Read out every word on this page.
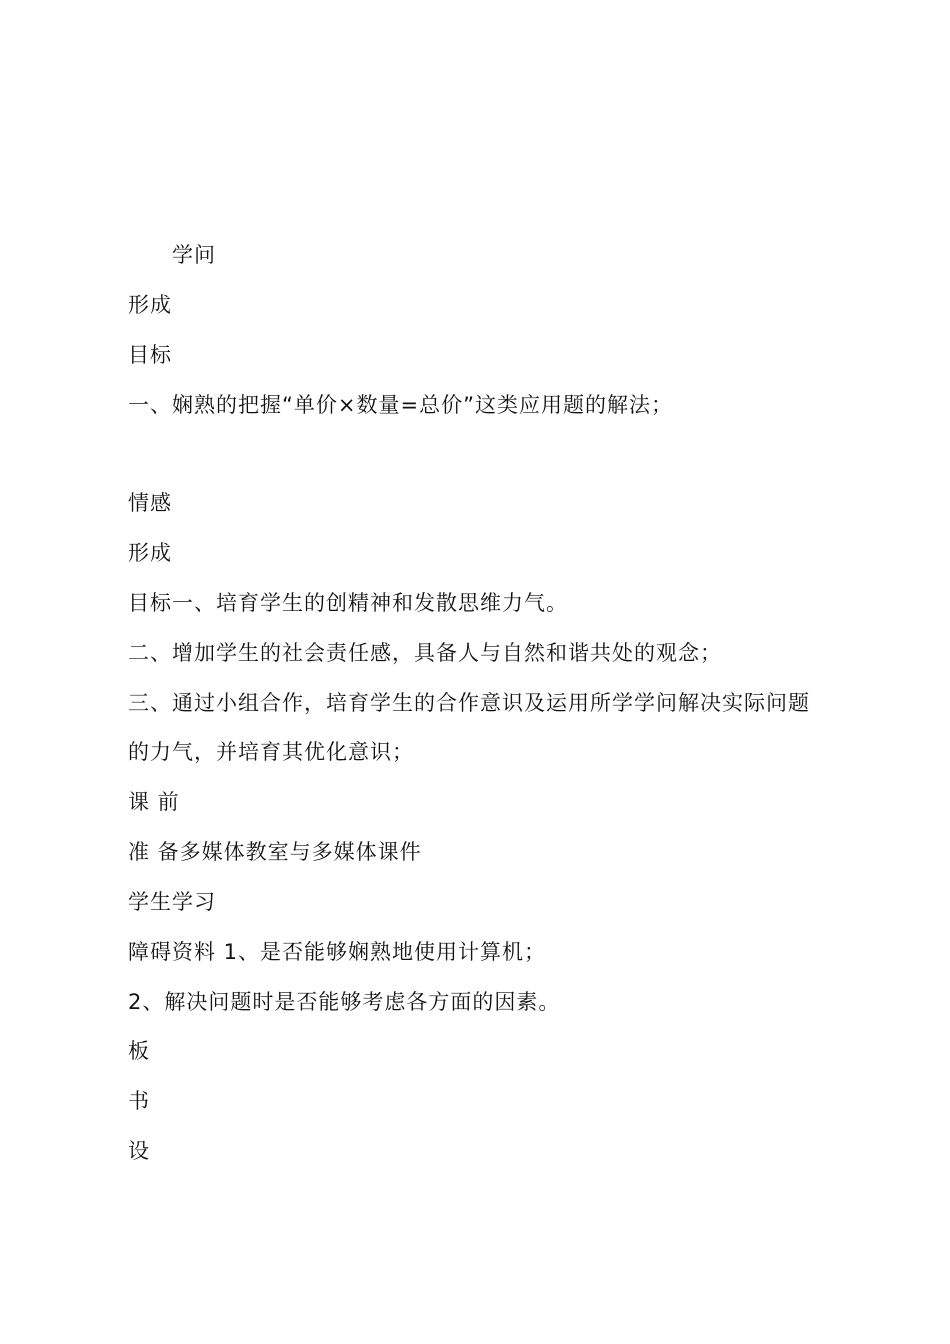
学问
形成
目标
一、娴熟的把握“单价×数量=总价”这类应用题的解法；
情感
形成
目标一、培育学生的创精神和发散思维力气。
二、增加学生的社会责任感，具备人与自然和谐共处的观念；
三、通过小组合作，培育学生的合作意识及运用所学学问解决实际问题
的力气，并培育其优化意识；
课 前
准 备多媒体教室与多媒体课件
学生学习
障碍资料 1、是否能够娴熟地使用计算机；
2、解决问题时是否能够考虑各方面的因素。
板
书
设
